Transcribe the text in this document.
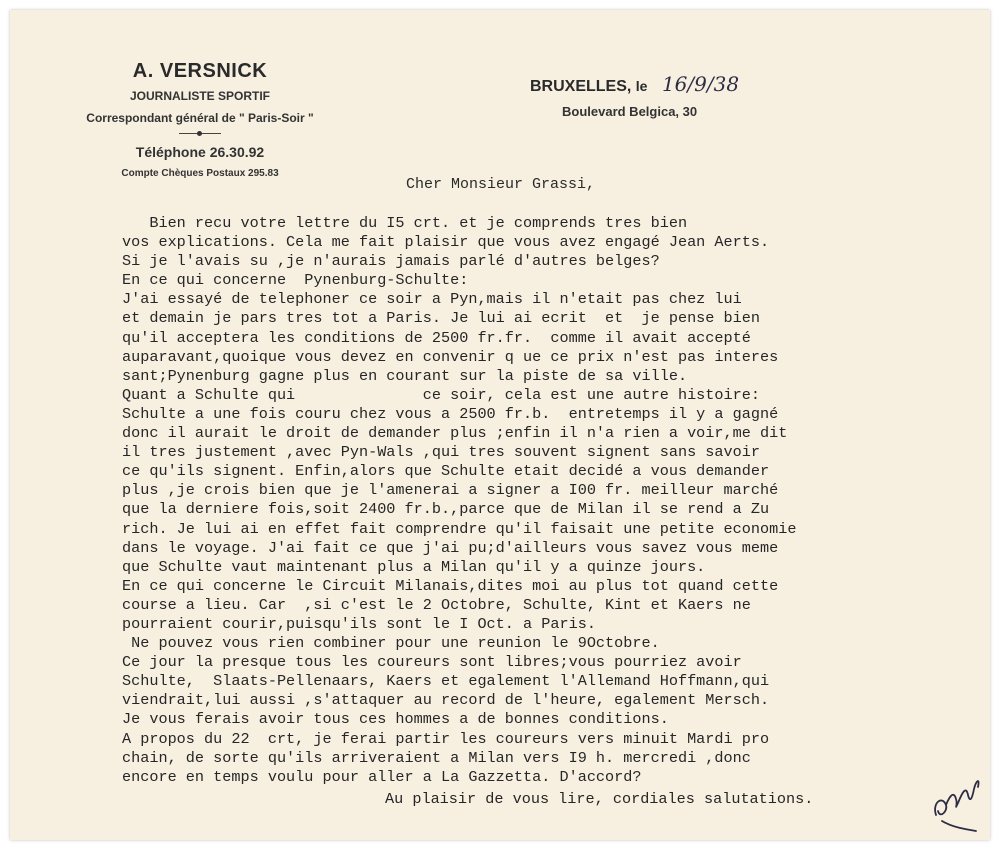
A. VERSNICK
JOURNALISTE SPORTIF
Correspondant général de " Paris-Soir "
Téléphone 26.30.92
Compte Chèques Postaux 295.83
BRUXELLES, le 16/9/38
Boulevard Belgica, 30
Cher Monsieur Grassi,
Bien recu votre lettre du I5 crt. et je comprends tres bien
vos explications. Cela me fait plaisir que vous avez engagé Jean Aerts.
Si je l'avais su ,je n'aurais jamais parlé d'autres belges?
En ce qui concerne  Pynenburg-Schulte:
J'ai essayé de telephoner ce soir a Pyn,mais il n'etait pas chez lui
et demain je pars tres tot a Paris. Je lui ai ecrit  et  je pense bien
qu'il acceptera les conditions de 2500 fr.fr.  comme il avait accepté
auparavant,quoique vous devez en convenir q ue ce prix n'est pas interes
sant;Pynenburg gagne plus en courant sur la piste de sa ville.
Quant a Schulte qui              ce soir, cela est une autre histoire:
Schulte a une fois couru chez vous a 2500 fr.b.  entretemps il y a gagné
donc il aurait le droit de demander plus ;enfin il n'a rien a voir,me dit
il tres justement ,avec Pyn-Wals ,qui tres souvent signent sans savoir
ce qu'ils signent. Enfin,alors que Schulte etait decidé a vous demander
plus ,je crois bien que je l'amenerai a signer a I00 fr. meilleur marché
que la derniere fois,soit 2400 fr.b.,parce que de Milan il se rend a Zu
rich. Je lui ai en effet fait comprendre qu'il faisait une petite economie
dans le voyage. J'ai fait ce que j'ai pu;d'ailleurs vous savez vous meme
que Schulte vaut maintenant plus a Milan qu'il y a quinze jours.
En ce qui concerne le Circuit Milanais,dites moi au plus tot quand cette
course a lieu. Car  ,si c'est le 2 Octobre, Schulte, Kint et Kaers ne
pourraient courir,puisqu'ils sont le I Oct. a Paris.
Ne pouvez vous rien combiner pour une reunion le 9Octobre.
Ce jour la presque tous les coureurs sont libres;vous pourriez avoir
Schulte,  Slaats-Pellenaars, Kaers et egalement l'Allemand Hoffmann,qui
viendrait,lui aussi ,s'attaquer au record de l'heure, egalement Mersch.
Je vous ferais avoir tous ces hommes a de bonnes conditions.
A propos du 22  crt, je ferai partir les coureurs vers minuit Mardi pro
chain, de sorte qu'ils arriveraient a Milan vers I9 h. mercredi ,donc
encore en temps voulu pour aller a La Gazzetta. D'accord?
Au plaisir de vous lire, cordiales salutations.
